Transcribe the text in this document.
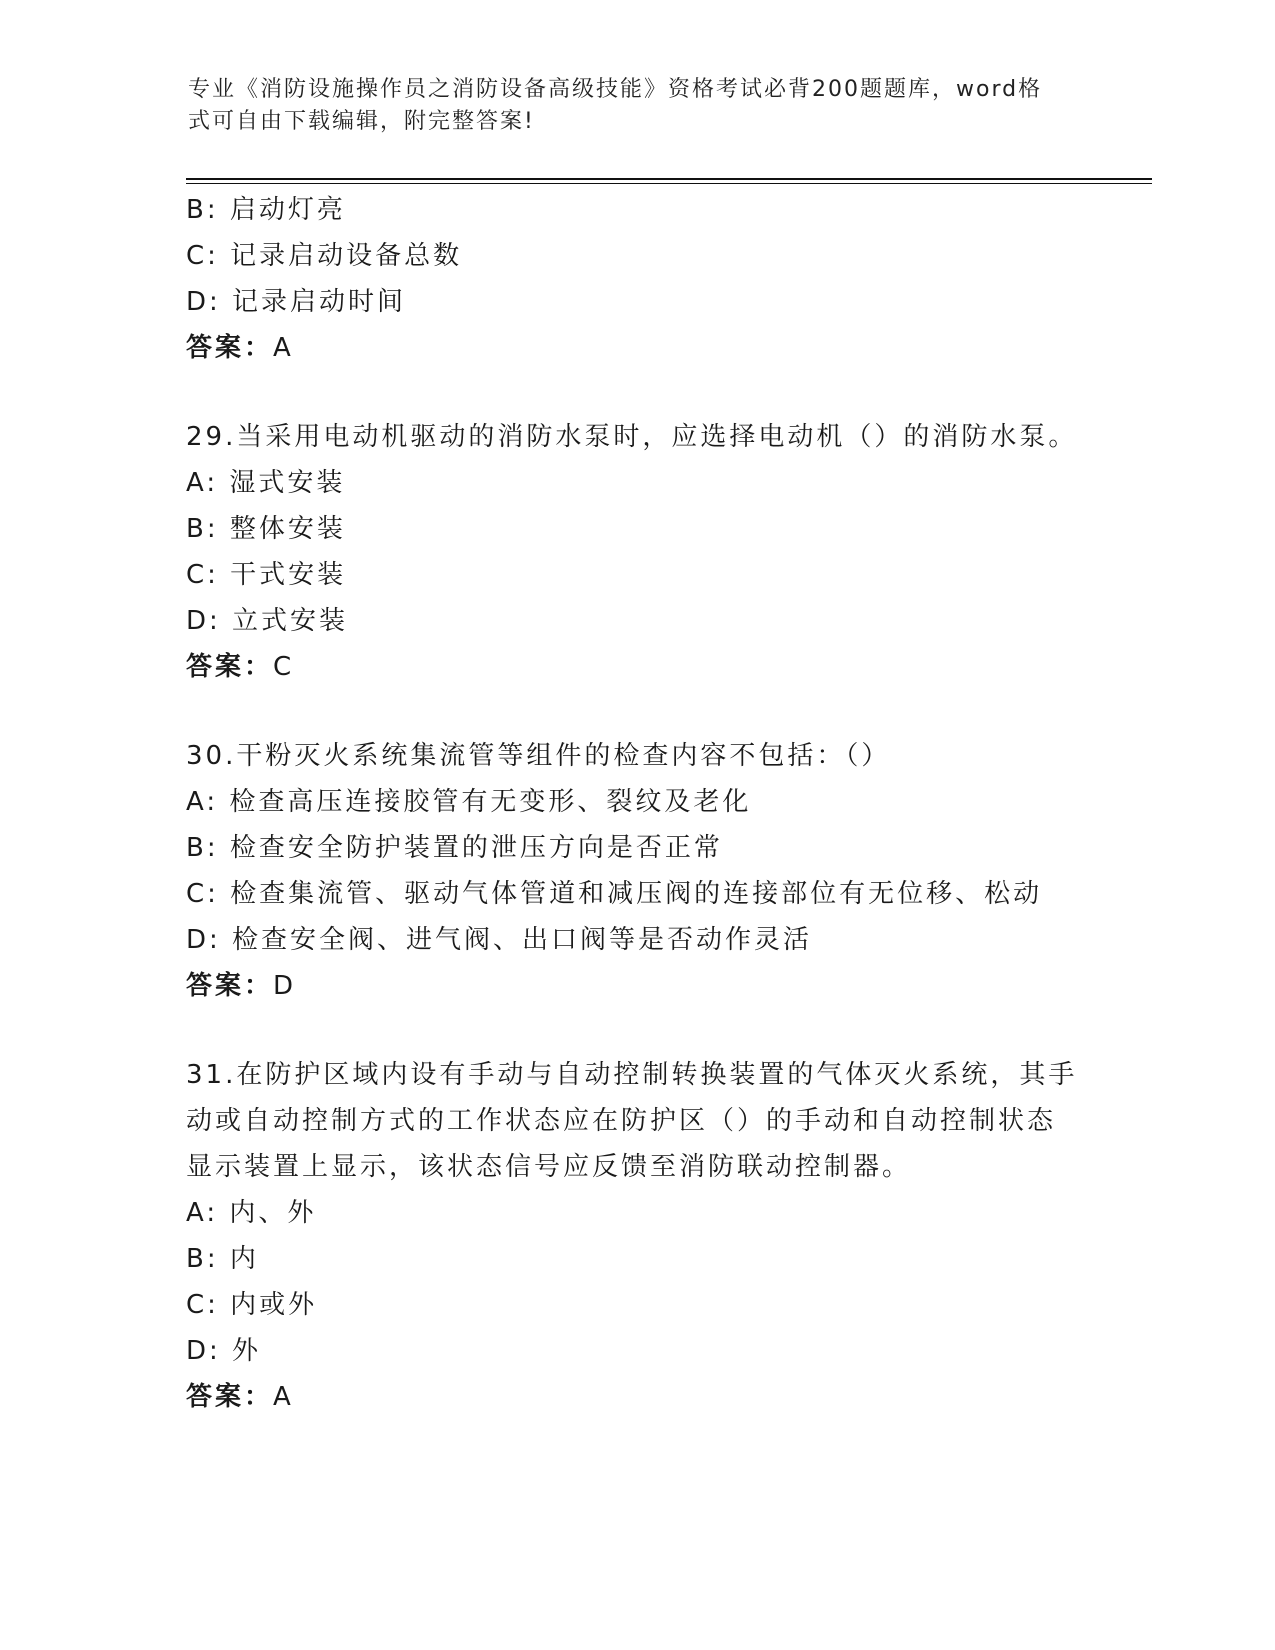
专业《消防设施操作员之消防设备高级技能》资格考试必背200题题库，word格
式可自由下载编辑，附完整答案!
B: 启动灯亮
C: 记录启动设备总数
D: 记录启动时间
答案：A
29.当采用电动机驱动的消防水泵时，应选择电动机（）的消防水泵。
A: 湿式安装
B: 整体安装
C: 干式安装
D: 立式安装
答案：C
30.干粉灭火系统集流管等组件的检查内容不包括：（）
A: 检查高压连接胶管有无变形、裂纹及老化
B: 检查安全防护装置的泄压方向是否正常
C: 检查集流管、驱动气体管道和减压阀的连接部位有无位移、松动
D: 检查安全阀、进气阀、出口阀等是否动作灵活
答案：D
31.在防护区域内设有手动与自动控制转换装置的气体灭火系统，其手
动或自动控制方式的工作状态应在防护区（）的手动和自动控制状态
显示装置上显示，该状态信号应反馈至消防联动控制器。
A: 内、外
B: 内
C: 内或外
D: 外
答案：A
